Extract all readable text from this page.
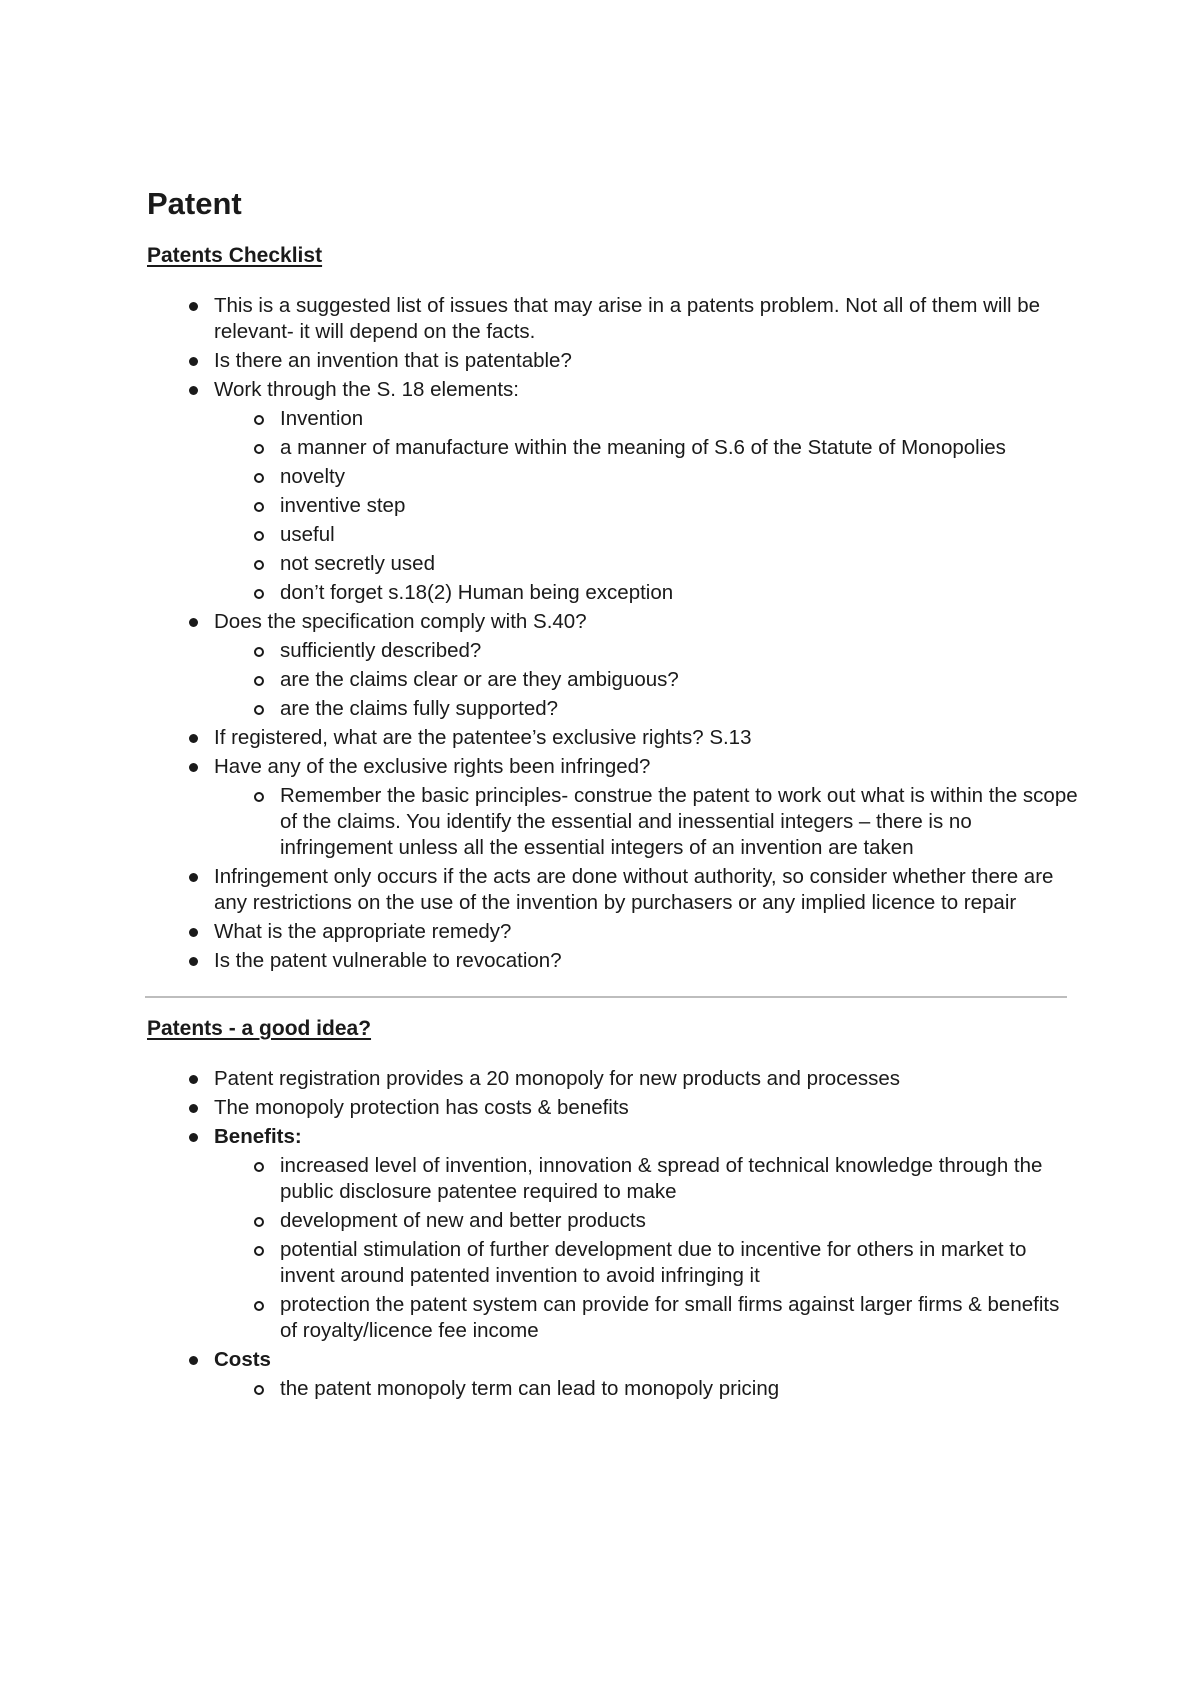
Patent
Patents Checklist
This is a suggested list of issues that may arise in a patents problem. Not all of them will be relevant- it will depend on the facts.
Is there an invention that is patentable?
Work through the S. 18 elements:
Invention
a manner of manufacture within the meaning of S.6 of the Statute of Monopolies
novelty
inventive step
useful
not secretly used
don’t forget s.18(2) Human being exception
Does the specification comply with S.40?
sufficiently described?
are the claims clear or are they ambiguous?
are the claims fully supported?
If registered, what are the patentee’s exclusive rights? S.13
Have any of the exclusive rights been infringed?
Remember the basic principles- construe the patent to work out what is within the scope of the claims. You identify the essential and inessential integers – there is no infringement unless all the essential integers of an invention are taken
Infringement only occurs if the acts are done without authority, so consider whether there are any restrictions on the use of the invention by purchasers or any implied licence to repair
What is the appropriate remedy?
Is the patent vulnerable to revocation?
Patents - a good idea?
Patent registration provides a 20 monopoly for new products and processes
The monopoly protection has costs & benefits
Benefits:
increased level of invention, innovation & spread of technical knowledge through the public disclosure patentee required to make
development of new and better products
potential stimulation of further development due to incentive for others in market to invent around patented invention to avoid infringing it
protection the patent system can provide for small firms against larger firms & benefits of royalty/licence fee income
Costs
the patent monopoly term can lead to monopoly pricing
